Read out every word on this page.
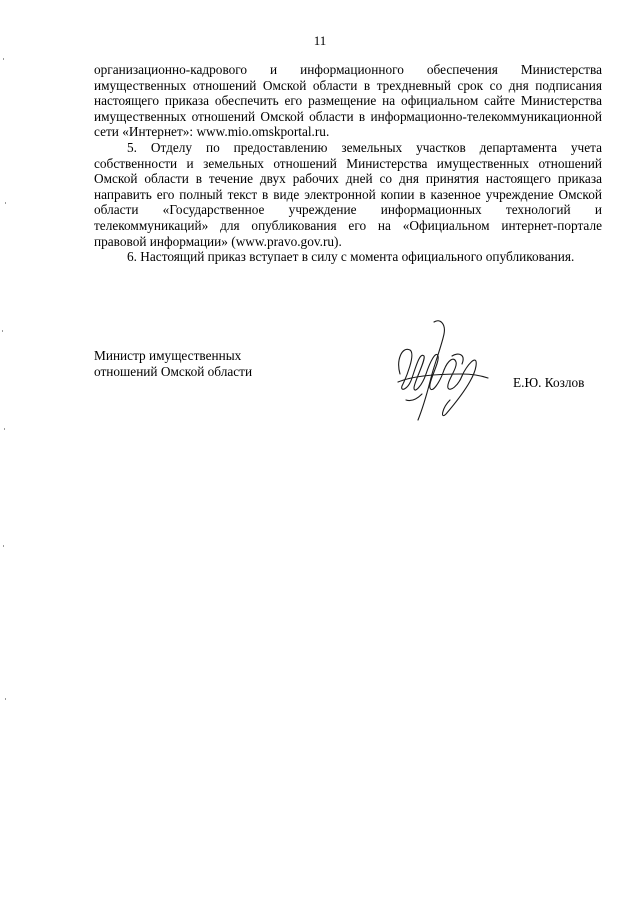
11

организационно-кадрового и информационного обеспечения Министерства имущественных отношений Омской области в трехдневный срок со дня подписания настоящего приказа обеспечить его размещение на официальном сайте Министерства имущественных отношений Омской области в информационно-телекоммуникационной сети «Интернет»: www.mio.omskportal.ru.

5. Отделу по предоставлению земельных участков департамента учета собственности и земельных отношений Министерства имущественных отношений Омской области в течение двух рабочих дней со дня принятия настоящего приказа направить его полный текст в виде электронной копии в казенное учреждение Омской области «Государственное учреждение информационных технологий и телекоммуникаций» для опубликования его на «Официальном интернет-портале правовой информации» (www.pravo.gov.ru).

6. Настоящий приказ вступает в силу с момента официального опубликования.

Министр имущественных
отношений Омской области
Е.Ю. Козлов
